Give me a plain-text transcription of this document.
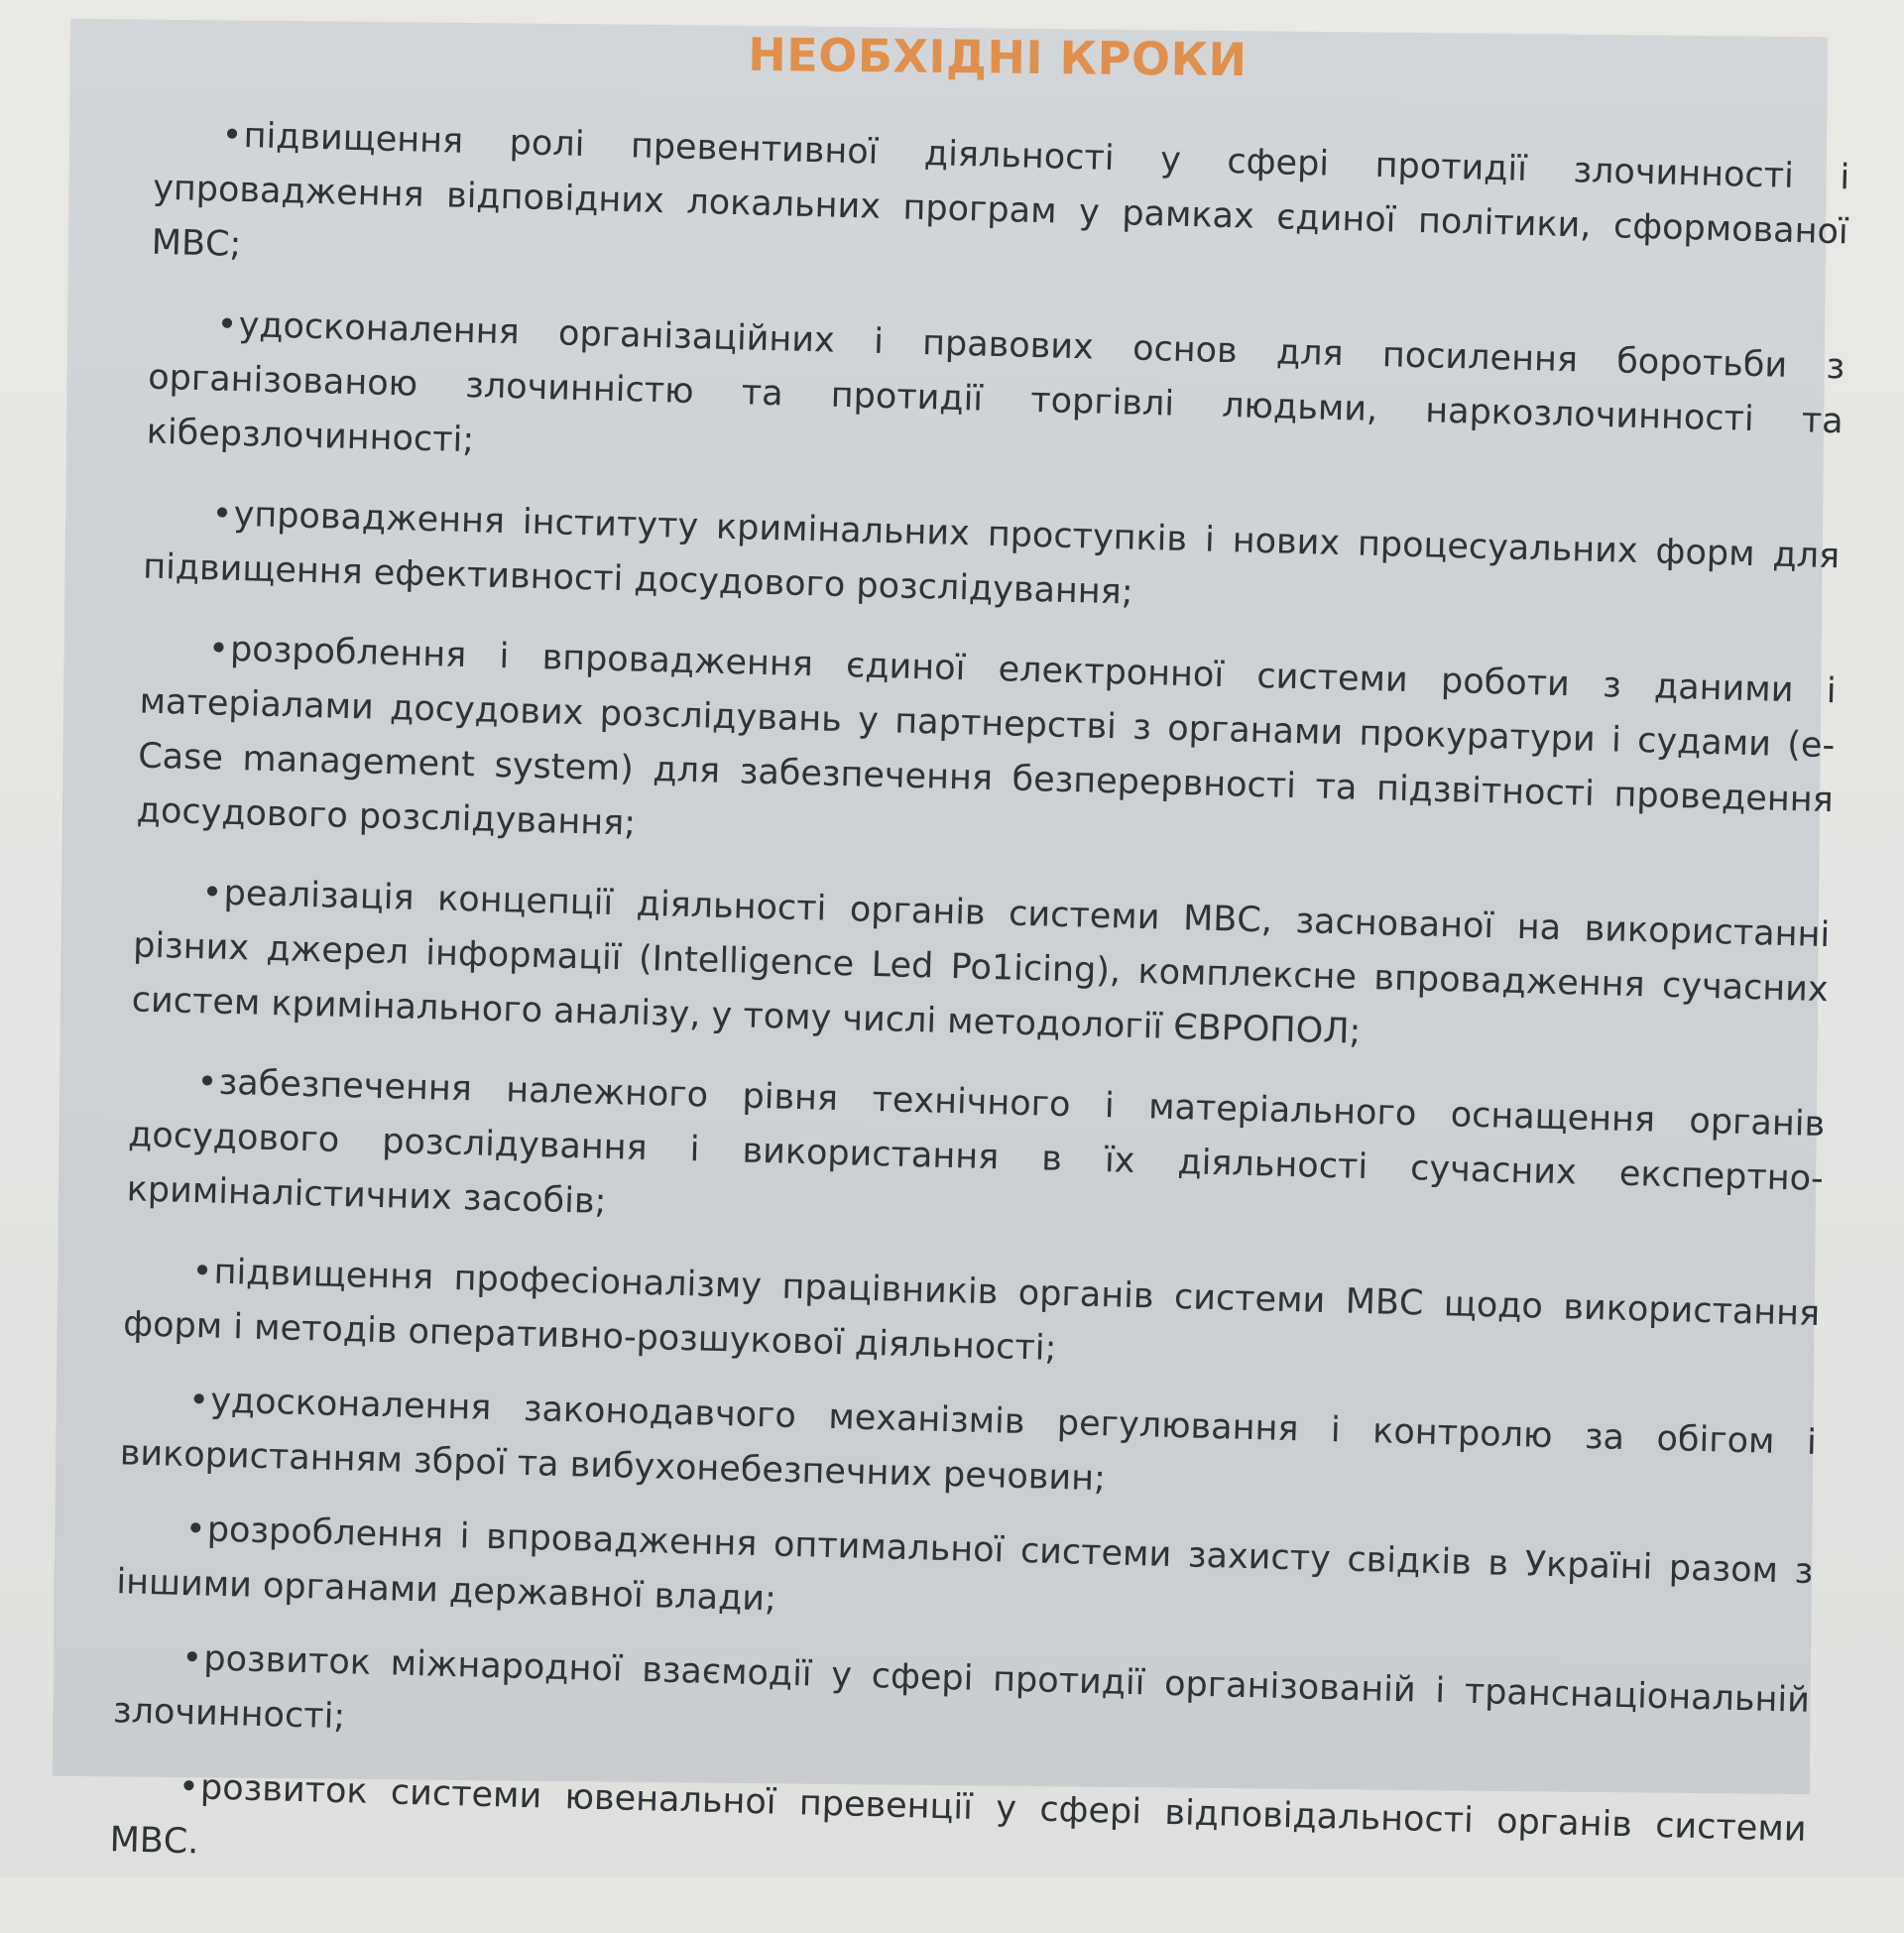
НЕОБХІДНІ КРОКИ
•підвищення ролі превентивної діяльності у сфері протидії злочинності і упровадження відповідних локальних програм у рамках єдиної політики, сформованої МВС;
•удосконалення організаційних і правових основ для посилення боротьби з організованою злочинністю та протидії торгівлі людьми, наркозлочинності та кіберзлочинності;
•упровадження інституту кримінальних проступків і нових процесуальних форм для підвищення ефективності досудового розслідування;
•розроблення і впровадження єдиної електронної системи роботи з даними і матеріалами досудових розслідувань у партнерстві з органами прокуратури і судами (e-Case management system) для забезпечення безперервності та підзвітності проведення досудового розслідування;
•реалізація концепції діяльності органів системи МВС, заснованої на використанні різних джерел інформації (Intelligence Led Po1icing), комплексне впровадження сучасних систем кримінального аналізу, у тому числі методології ЄВРОПОЛ;
•забезпечення належного рівня технічного і матеріального оснащення органів досудового розслідування і використання в їх діяльності сучасних експертно-криміналістичних засобів;
•підвищення професіоналізму працівників органів системи МВС щодо використання форм і методів оперативно-розшукової діяльності;
•удосконалення законодавчого механізмів регулювання і контролю за обігом і використанням зброї та вибухонебезпечних речовин;
•розроблення і впровадження оптимальної системи захисту свідків в Україні разом з іншими органами державної влади;
•розвиток міжнародної взаємодії у сфері протидії організованій і транснаціональній злочинності;
•розвиток системи ювенальної превенції у сфері відповідальності органів системи МВС.
